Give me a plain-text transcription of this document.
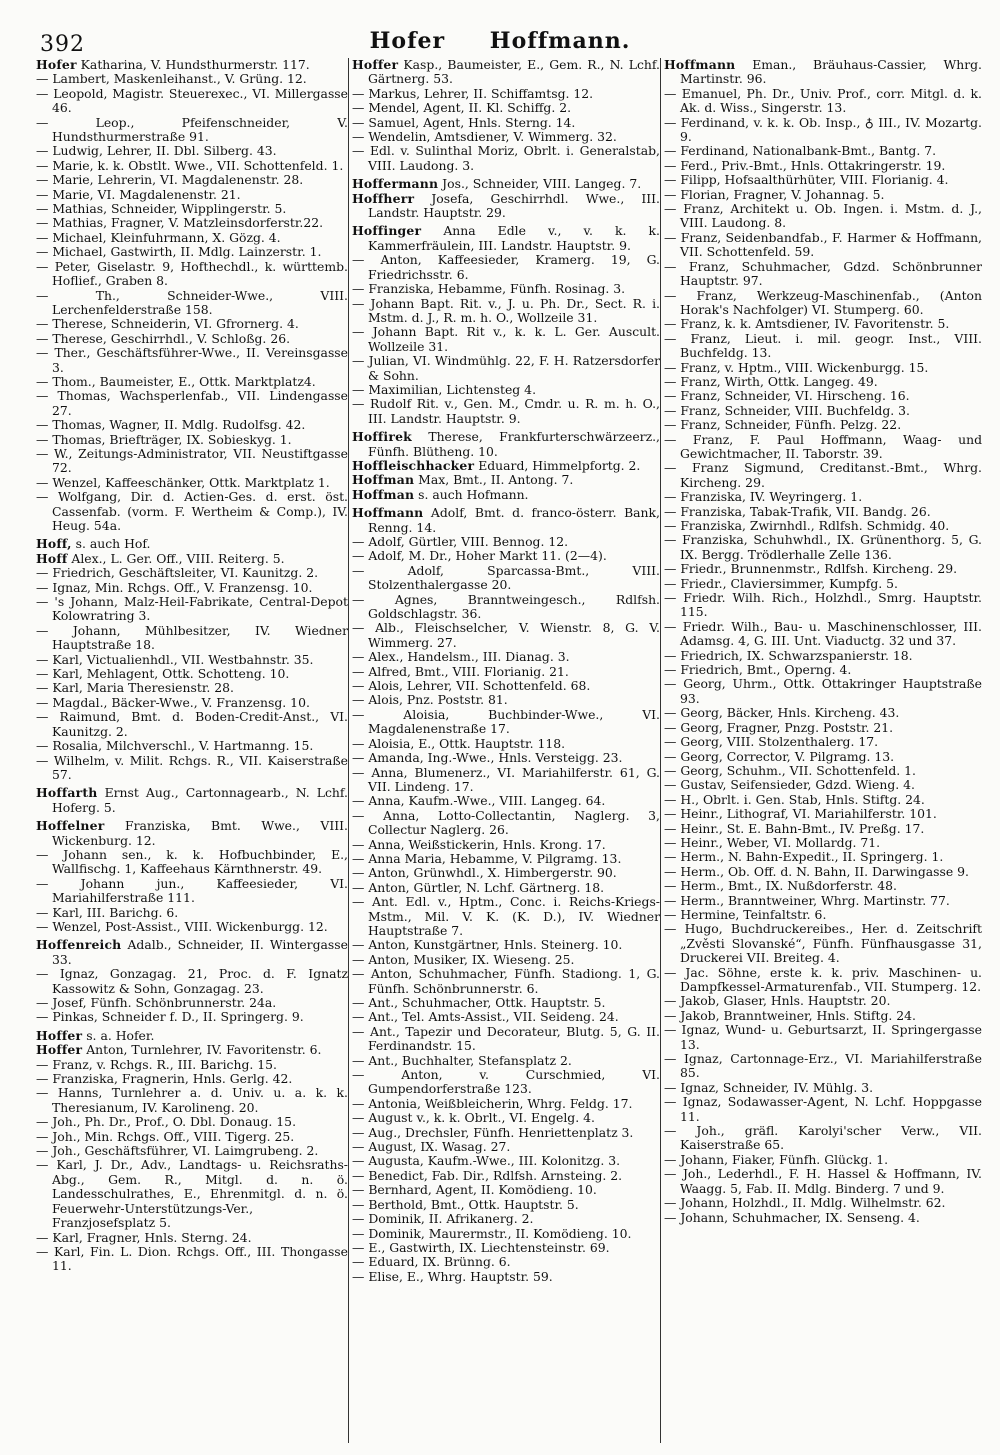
392	Hofer Hoffmann.

Hofer Katharina, V. Hundsthurmerstr. 117.

— Lambert, Maskenleihanst., V. Grüng. 12.

— Leopold, Magistr. Steuerexec., VI. Millergasse 46.

— Leop., Pfeifenschneider, V. Hundsthurmerstraße 91.

— Ludwig, Lehrer, II. Dbl. Silberg. 43.

— Marie, k. k. Obstlt. Wwe., VII. Schottenfeld. 1.

— Marie, Lehrerin, VI. Magdalenenstr. 28.

— Marie, VI. Magdalenenstr. 21.

— Mathias, Schneider, Wipplingerstr. 5.

— Mathias, Fragner, V. Matzleinsdorferstr.22.

— Michael, Kleinfuhrmann, X. Gözg. 4.

— Michael, Gastwirth, II. Mdlg. Lainzerstr. 1.

— Peter, Giselastr. 9, Hofthechdl., k. württemb. Hoflief., Graben 8.

— Th., Schneider-Wwe., VIII. Lerchenfelderstraße 158.

— Therese, Schneiderin, VI. Gfrornerg. 4.

— Therese, Geschirrhdl., V. Schloßg. 26.

— Ther., Geschäftsführer-Wwe., II. Vereinsgasse 3.

— Thom., Baumeister, E., Ottk. Marktplatz4.

— Thomas, Wachsperlenfab., VII. Lindengasse 27.

— Thomas, Wagner, II. Mdlg. Rudolfsg. 42.

— Thomas, Briefträger, IX. Sobieskyg. 1.

— W., Zeitungs-Administrator, VII. Neustiftgasse 72.

— Wenzel, Kaffeeschänker, Ottk. Marktplatz 1.

— Wolfgang, Dir. d. Actien-Ges. d. erst. öst. Cassenfab. (vorm. F. Wertheim & Comp.), IV. Heug. 54a.

Hoff, s. auch Hof.

Hoff Alex., L. Ger. Off., VIII. Reiterg. 5.

— Friedrich, Geschäftsleiter, VI. Kaunitzg. 2.

— Ignaz, Min. Rchgs. Off., V. Franzensg. 10.

— 's Johann, Malz-Heil-Fabrikate, Central-Depot Kolowratring 3.

— Johann, Mühlbesitzer, IV. Wiedner Hauptstraße 18.

— Karl, Victualienhdl., VII. Westbahnstr. 35.

— Karl, Mehlagent, Ottk. Schotteng. 10.

— Karl, Maria Theresienstr. 28.

— Magdal., Bäcker-Wwe., V. Franzensg. 10.

— Raimund, Bmt. d. Boden-Credit-Anst., VI. Kaunitzg. 2.

— Rosalia, Milchverschl., V. Hartmanng. 15.

— Wilhelm, v. Milit. Rchgs. R., VII. Kaiserstraße 57.

Hoffarth Ernst Aug., Cartonnagearb., N. Lchf. Hoferg. 5.

Hoffelner Franziska, Bmt. Wwe., VIII. Wickenburg. 12.

— Johann sen., k. k. Hofbuchbinder, E., Wallfischg. 1, Kaffeehaus Kärnthnerstr. 49.

— Johann jun., Kaffeesieder, VI. Mariahilferstraße 111.

— Karl, III. Barichg. 6.

— Wenzel, Post-Assist., VIII. Wickenburgg. 12.

Hoffenreich Adalb., Schneider, II. Wintergasse 33.

— Ignaz, Gonzagag. 21, Proc. d. F. Ignatz Kassowitz & Sohn, Gonzagag. 23.

— Josef, Fünfh. Schönbrunnerstr. 24a.

— Pinkas, Schneider f. D., II. Springerg. 9.

Hoffer s. a. Hofer.

Hoffer Anton, Turnlehrer, IV. Favoritenstr. 6.

— Franz, v. Rchgs. R., III. Barichg. 15.

— Franziska, Fragnerin, Hnls. Gerlg. 42.

— Hanns, Turnlehrer a. d. Univ. u. a. k. k. Theresianum, IV. Karolineng. 20.

— Joh., Ph. Dr., Prof., O. Dbl. Donaug. 15.

— Joh., Min. Rchgs. Off., VIII. Tigerg. 25.

— Joh., Geschäftsführer, VI. Laimgrubeng. 2.

— Karl, J. Dr., Adv., Landtags- u. Reichsraths-Abg., Gem. R., Mitgl. d. n. ö. Landesschulrathes, E., Ehrenmitgl. d. n. ö. Feuerwehr-Unterstützungs-Ver., Franzjosefsplatz 5.

— Karl, Fragner, Hnls. Sterng. 24.

— Karl, Fin. L. Dion. Rchgs. Off., III. Thongasse 11.

Hoffer Kasp., Baumeister, E., Gem. R., N. Lchf. Gärtnerg. 53.

— Markus, Lehrer, II. Schiffamtsg. 12.

— Mendel, Agent, II. Kl. Schiffg. 2.

— Samuel, Agent, Hnls. Sterng. 14.

— Wendelin, Amtsdiener, V. Wimmerg. 32.

— Edl. v. Sulinthal Moriz, Obrlt. i. Generalstab, VIII. Laudong. 3.

Hoffermann Jos., Schneider, VIII. Langeg. 7.

Hoffherr Josefa, Geschirrhdl. Wwe., III. Landstr. Hauptstr. 29.

Hoffinger Anna Edle v., v. k. k. Kammerfräulein, III. Landstr. Hauptstr. 9.

— Anton, Kaffeesieder, Kramerg. 19, G. Friedrichsstr. 6.

— Franziska, Hebamme, Fünfh. Rosinag. 3.

— Johann Bapt. Rit. v., J. u. Ph. Dr., Sect. R. i. Mstm. d. J., R. m. h. O., Wollzeile 31.

— Johann Bapt. Rit v., k. k. L. Ger. Auscult. Wollzeile 31.

— Julian, VI. Windmühlg. 22, F. H. Ratzersdorfer & Sohn.

— Maximilian, Lichtensteg 4.

— Rudolf Rit. v., Gen. M., Cmdr. u. R. m. h. O., III. Landstr. Hauptstr. 9.

Hoffirek Therese, Frankfurterschwärzeerz., Fünfh. Blütheng. 10.

Hoffleischhacker Eduard, Himmelpfortg. 2.

Hoffman Max, Bmt., II. Antong. 7.

Hoffman s. auch Hofmann.

Hoffmann Adolf, Bmt. d. franco-österr. Bank, Renng. 14.

— Adolf, Gürtler, VIII. Bennog. 12.

— Adolf, M. Dr., Hoher Markt 11. (2—4).

— Adolf, Sparcassa-Bmt., VIII. Stolzenthalergasse 20.

— Agnes, Branntweingesch., Rdlfsh. Goldschlagstr. 36.

— Alb., Fleischselcher, V. Wienstr. 8, G. V. Wimmerg. 27.

— Alex., Handelsm., III. Dianag. 3.

— Alfred, Bmt., VIII. Florianig. 21.

— Alois, Lehrer, VII. Schottenfeld. 68.

— Alois, Pnz. Poststr. 81.

— Aloisia, Buchbinder-Wwe., VI. Magdalenenstraße 17.

— Aloisia, E., Ottk. Hauptstr. 118.

— Amanda, Ing.-Wwe., Hnls. Versteigg. 23.

— Anna, Blumenerz., VI. Mariahilferstr. 61, G. VII. Lindeng. 17.

— Anna, Kaufm.-Wwe., VIII. Langeg. 64.

— Anna, Lotto-Collectantin, Naglerg. 3, Collectur Naglerg. 26.

— Anna, Weißstickerin, Hnls. Krong. 17.

— Anna Maria, Hebamme, V. Pilgramg. 13.

— Anton, Grünwhdl., X. Himbergerstr. 90.

— Anton, Gürtler, N. Lchf. Gärtnerg. 18.

— Ant. Edl. v., Hptm., Conc. i. Reichs-Kriegs-Mstm., Mil. V. K. (K. D.), IV. Wiedner Hauptstraße 7.

— Anton, Kunstgärtner, Hnls. Steinerg. 10.

— Anton, Musiker, IX. Wieseng. 25.

— Anton, Schuhmacher, Fünfh. Stadiong. 1, G. Fünfh. Schönbrunnerstr. 6.

— Ant., Schuhmacher, Ottk. Hauptstr. 5.

— Ant., Tel. Amts-Assist., VII. Seideng. 24.

— Ant., Tapezir und Decorateur, Blutg. 5, G. II. Ferdinandstr. 15.

— Ant., Buchhalter, Stefansplatz 2.

— Anton, v. Curschmied, VI. Gumpendorferstraße 123.

— Antonia, Weißbleicherin, Whrg. Feldg. 17.

— August v., k. k. Obrlt., VI. Engelg. 4.

— Aug., Drechsler, Fünfh. Henriettenplatz 3.

— August, IX. Wasag. 27.

— Augusta, Kaufm.-Wwe., III. Kolonitzg. 3.

— Benedict, Fab. Dir., Rdlfsh. Arnsteing. 2.

— Bernhard, Agent, II. Komödieng. 10.

— Berthold, Bmt., Ottk. Hauptstr. 5.

— Dominik, II. Afrikanerg. 2.

— Dominik, Maurermstr., II. Komödieng. 10.

— E., Gastwirth, IX. Liechtensteinstr. 69.

— Eduard, IX. Brünng. 6.

— Elise, E., Whrg. Hauptstr. 59.

Hoffmann Eman., Bräuhaus-Cassier, Whrg. Martinstr. 96.

— Emanuel, Ph. Dr., Univ. Prof., corr. Mitgl. d. k. Ak. d. Wiss., Singerstr. 13.

— Ferdinand, v. k. k. Ob. Insp., ♁ III., IV. Mozartg. 9.

— Ferdinand, Nationalbank-Bmt., Bantg. 7.

— Ferd., Priv.-Bmt., Hnls. Ottakringerstr. 19.

— Filipp, Hofsaalthürhüter, VIII. Florianig. 4.

— Florian, Fragner, V. Johannag. 5.

— Franz, Architekt u. Ob. Ingen. i. Mstm. d. J., VIII. Laudong. 8.

— Franz, Seidenbandfab., F. Harmer & Hoffmann, VII. Schottenfeld. 59.

— Franz, Schuhmacher, Gdzd. Schönbrunner Hauptstr. 97.

— Franz, Werkzeug-Maschinenfab., (Anton Horak's Nachfolger) VI. Stumperg. 60.

— Franz, k. k. Amtsdiener, IV. Favoritenstr. 5.

— Franz, Lieut. i. mil. geogr. Inst., VIII. Buchfeldg. 13.

— Franz, v. Hptm., VIII. Wickenburgg. 15.

— Franz, Wirth, Ottk. Langeg. 49.

— Franz, Schneider, VI. Hirscheng. 16.

— Franz, Schneider, VIII. Buchfeldg. 3.

— Franz, Schneider, Fünfh. Pelzg. 22.

— Franz, F. Paul Hoffmann, Waag- und Gewichtmacher, II. Taborstr. 39.

— Franz Sigmund, Creditanst.-Bmt., Whrg. Kircheng. 29.

— Franziska, IV. Weyringerg. 1.

— Franziska, Tabak-Trafik, VII. Bandg. 26.

— Franziska, Zwirnhdl., Rdlfsh. Schmidg. 40.

— Franziska, Schuhwhdl., IX. Grünenthorg. 5, G. IX. Bergg. Trödlerhalle Zelle 136.

— Friedr., Brunnenmstr., Rdlfsh. Kircheng. 29.

— Friedr., Claviersimmer, Kumpfg. 5.

— Friedr. Wilh. Rich., Holzhdl., Smrg. Hauptstr. 115.

— Friedr. Wilh., Bau- u. Maschinenschlosser, III. Adamsg. 4, G. III. Unt. Viaductg. 32 und 37.

— Friedrich, IX. Schwarzspanierstr. 18.

— Friedrich, Bmt., Operng. 4.

— Georg, Uhrm., Ottk. Ottakringer Hauptstraße 93.

— Georg, Bäcker, Hnls. Kircheng. 43.

— Georg, Fragner, Pnzg. Poststr. 21.

— Georg, VIII. Stolzenthalerg. 17.

— Georg, Corrector, V. Pilgramg. 13.

— Georg, Schuhm., VII. Schottenfeld. 1.

— Gustav, Seifensieder, Gdzd. Wieng. 4.

— H., Obrlt. i. Gen. Stab, Hnls. Stiftg. 24.

— Heinr., Lithograf, VI. Mariahilferstr. 101.

— Heinr., St. E. Bahn-Bmt., IV. Preßg. 17.

— Heinr., Weber, VI. Mollardg. 71.

— Herm., N. Bahn-Expedit., II. Springerg. 1.

— Herm., Ob. Off. d. N. Bahn, II. Darwingasse 9.

— Herm., Bmt., IX. Nußdorferstr. 48.

— Herm., Branntweiner, Whrg. Martinstr. 77.

— Hermine, Teinfaltstr. 6.

— Hugo, Buchdruckereibes., Her. d. Zeitschrift „Zvěsti Slovanské“, Fünfh. Fünfhausgasse 31, Druckerei VII. Breiteg. 4.

— Jac. Söhne, erste k. k. priv. Maschinen- u. Dampfkessel-Armaturenfab., VII. Stumperg. 12.

— Jakob, Glaser, Hnls. Hauptstr. 20.

— Jakob, Branntweiner, Hnls. Stiftg. 24.

— Ignaz, Wund- u. Geburtsarzt, II. Springergasse 13.

— Ignaz, Cartonnage-Erz., VI. Mariahilferstraße 85.

— Ignaz, Schneider, IV. Mühlg. 3.

— Ignaz, Sodawasser-Agent, N. Lchf. Hoppgasse 11.

— Joh., gräfl. Karolyi'scher Verw., VII. Kaiserstraße 65.

— Johann, Fiaker, Fünfh. Glückg. 1.

— Joh., Lederhdl., F. H. Hassel & Hoffmann, IV. Waagg. 5, Fab. II. Mdlg. Binderg. 7 und 9.

— Johann, Holzhdl., II. Mdlg. Wilhelmstr. 62.

— Johann, Schuhmacher, IX. Senseng. 4.
